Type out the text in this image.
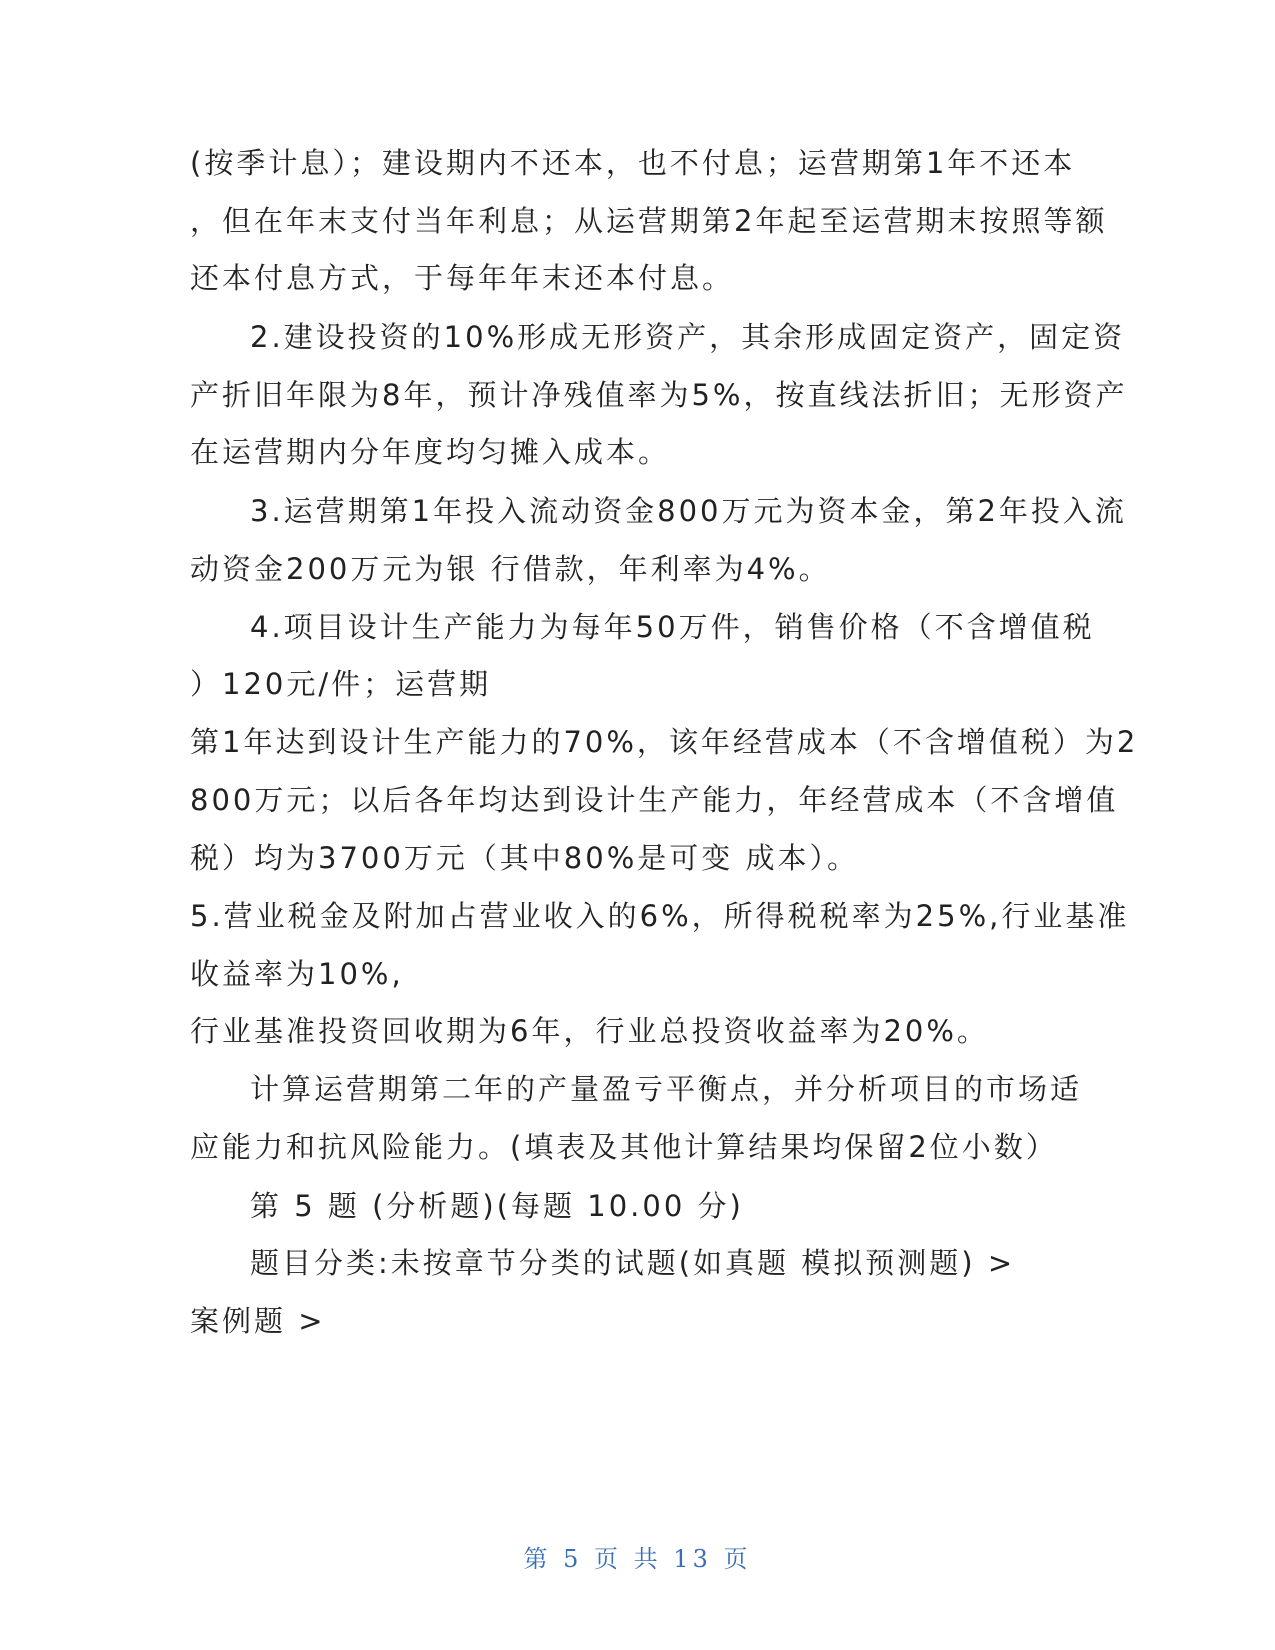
(按季计息）；建设期内不还本，也不付息；运营期第1年不还本
，但在年末支付当年利息；从运营期第2年起至运营期末按照等额
还本付息方式，于每年年末还本付息。
2.建设投资的10%形成无形资产，其余形成固定资产，固定资
产折旧年限为8年，预计净残值率为5%，按直线法折旧；无形资产
在运营期内分年度均匀摊入成本。
3.运营期第1年投入流动资金800万元为资本金，第2年投入流
动资金200万元为银 行借款，年利率为4%。
4.项目设计生产能力为每年50万件，销售价格（不含增值税
）120元/件；运营期
第1年达到设计生产能力的70%，该年经营成本（不含增值税）为2
800万元；以后各年均达到设计生产能力，年经营成本（不含增值
税）均为3700万元（其中80%是可变 成本）。
5.营业税金及附加占营业收入的6%，所得税税率为25%,行业基准
收益率为10%,
行业基准投资回收期为6年，行业总投资收益率为20%。
计算运营期第二年的产量盈亏平衡点，并分析项目的市场适
应能力和抗风险能力。(填表及其他计算结果均保留2位小数）
第 5 题 (分析题)(每题 10.00 分)
题目分类:未按章节分类的试题(如真题 模拟预测题) >
案例题 >
第 5 页 共 13 页
